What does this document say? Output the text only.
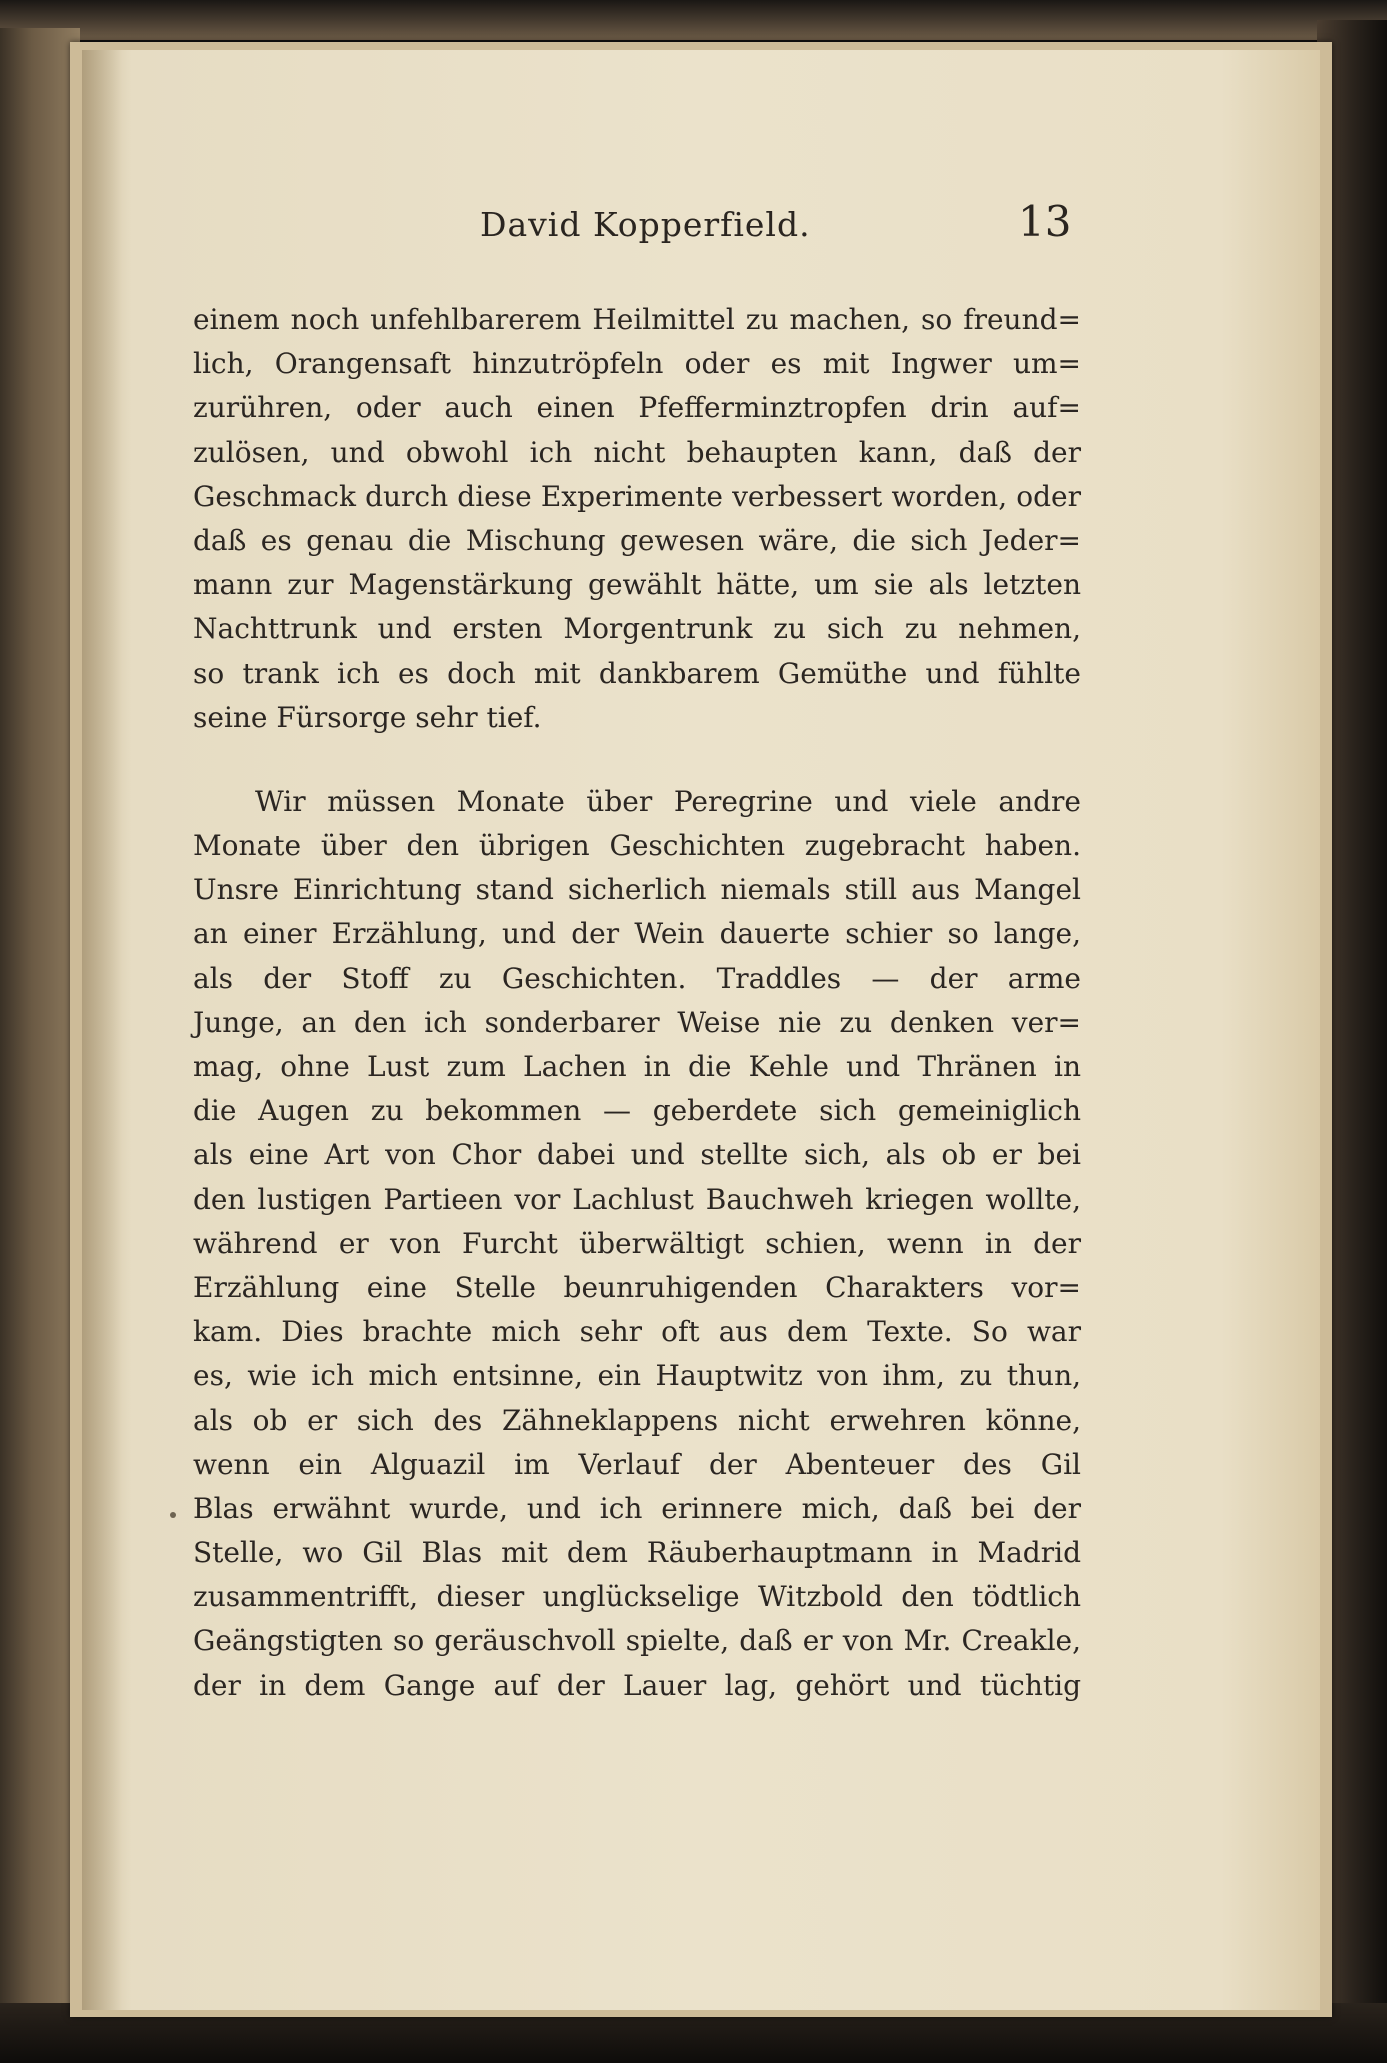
David Kopperfield.	13
einem noch unfehlbarerem Heilmittel zu machen, so freund=
lich, Orangensaft hinzutröpfeln oder es mit Ingwer um=
zurühren, oder auch einen Pfefferminztropfen drin auf=
zulösen, und obwohl ich nicht behaupten kann, daß der
Geschmack durch diese Experimente verbessert worden, oder
daß es genau die Mischung gewesen wäre, die sich Jeder=
mann zur Magenstärkung gewählt hätte, um sie als letzten
Nachttrunk und ersten Morgentrunk zu sich zu nehmen,
so trank ich es doch mit dankbarem Gemüthe und fühlte
seine Fürsorge sehr tief.
Wir müssen Monate über Peregrine und viele andre
Monate über den übrigen Geschichten zugebracht haben.
Unsre Einrichtung stand sicherlich niemals still aus Mangel
an einer Erzählung, und der Wein dauerte schier so lange,
als der Stoff zu Geschichten. Traddles — der arme
Junge, an den ich sonderbarer Weise nie zu denken ver=
mag, ohne Lust zum Lachen in die Kehle und Thränen in
die Augen zu bekommen — geberdete sich gemeiniglich
als eine Art von Chor dabei und stellte sich, als ob er bei
den lustigen Partieen vor Lachlust Bauchweh kriegen wollte,
während er von Furcht überwältigt schien, wenn in der
Erzählung eine Stelle beunruhigenden Charakters vor=
kam. Dies brachte mich sehr oft aus dem Texte. So war
es, wie ich mich entsinne, ein Hauptwitz von ihm, zu thun,
als ob er sich des Zähneklappens nicht erwehren könne,
wenn ein Alguazil im Verlauf der Abenteuer des Gil
Blas erwähnt wurde, und ich erinnere mich, daß bei der
Stelle, wo Gil Blas mit dem Räuberhauptmann in Madrid
zusammentrifft, dieser unglückselige Witzbold den tödtlich
Geängstigten so geräuschvoll spielte, daß er von Mr. Creakle,
der in dem Gange auf der Lauer lag, gehört und tüchtig
